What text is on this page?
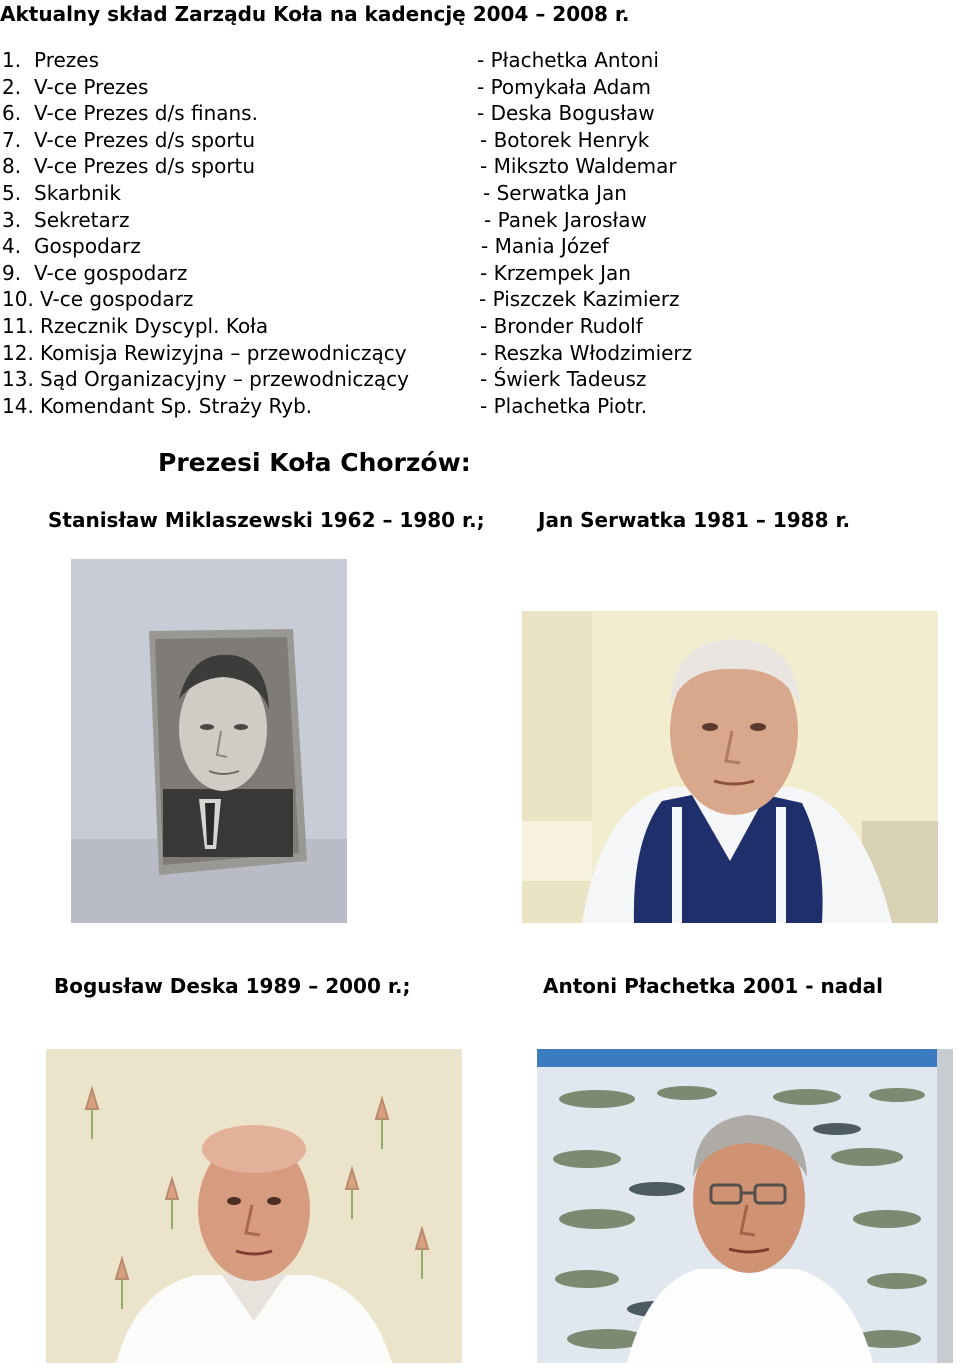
Aktualny skład Zarządu Koła na kadencję 2004 – 2008 r.
1. Prezes	- Płachetka Antoni
2. V-ce Prezes	- Pomykała Adam
6. V-ce Prezes d/s finans.	- Deska Bogusław
7. V-ce Prezes d/s sportu	- Botorek Henryk
8. V-ce Prezes d/s sportu	- Mikszto Waldemar
5. Skarbnik	- Serwatka Jan
3. Sekretarz	- Panek Jarosław
4. Gospodarz	- Mania Józef
9. V-ce gospodarz	- Krzempek Jan
10. V-ce gospodarz	- Piszczek Kazimierz
11. Rzecznik Dyscypl. Koła	- Bronder Rudolf
12. Komisja Rewizyjna – przewodniczący	- Reszka Włodzimierz
13. Sąd Organizacyjny – przewodniczący	- Świerk Tadeusz
14. Komendant Sp. Straży Ryb.	- Plachetka Piotr.
Prezesi Koła Chorzów:
Stanisław Miklaszewski 1962 – 1980 r.;	Jan Serwatka 1981 – 1988 r.
Bogusław Deska 1989 – 2000 r.;	Antoni Płachetka 2001 - nadal
